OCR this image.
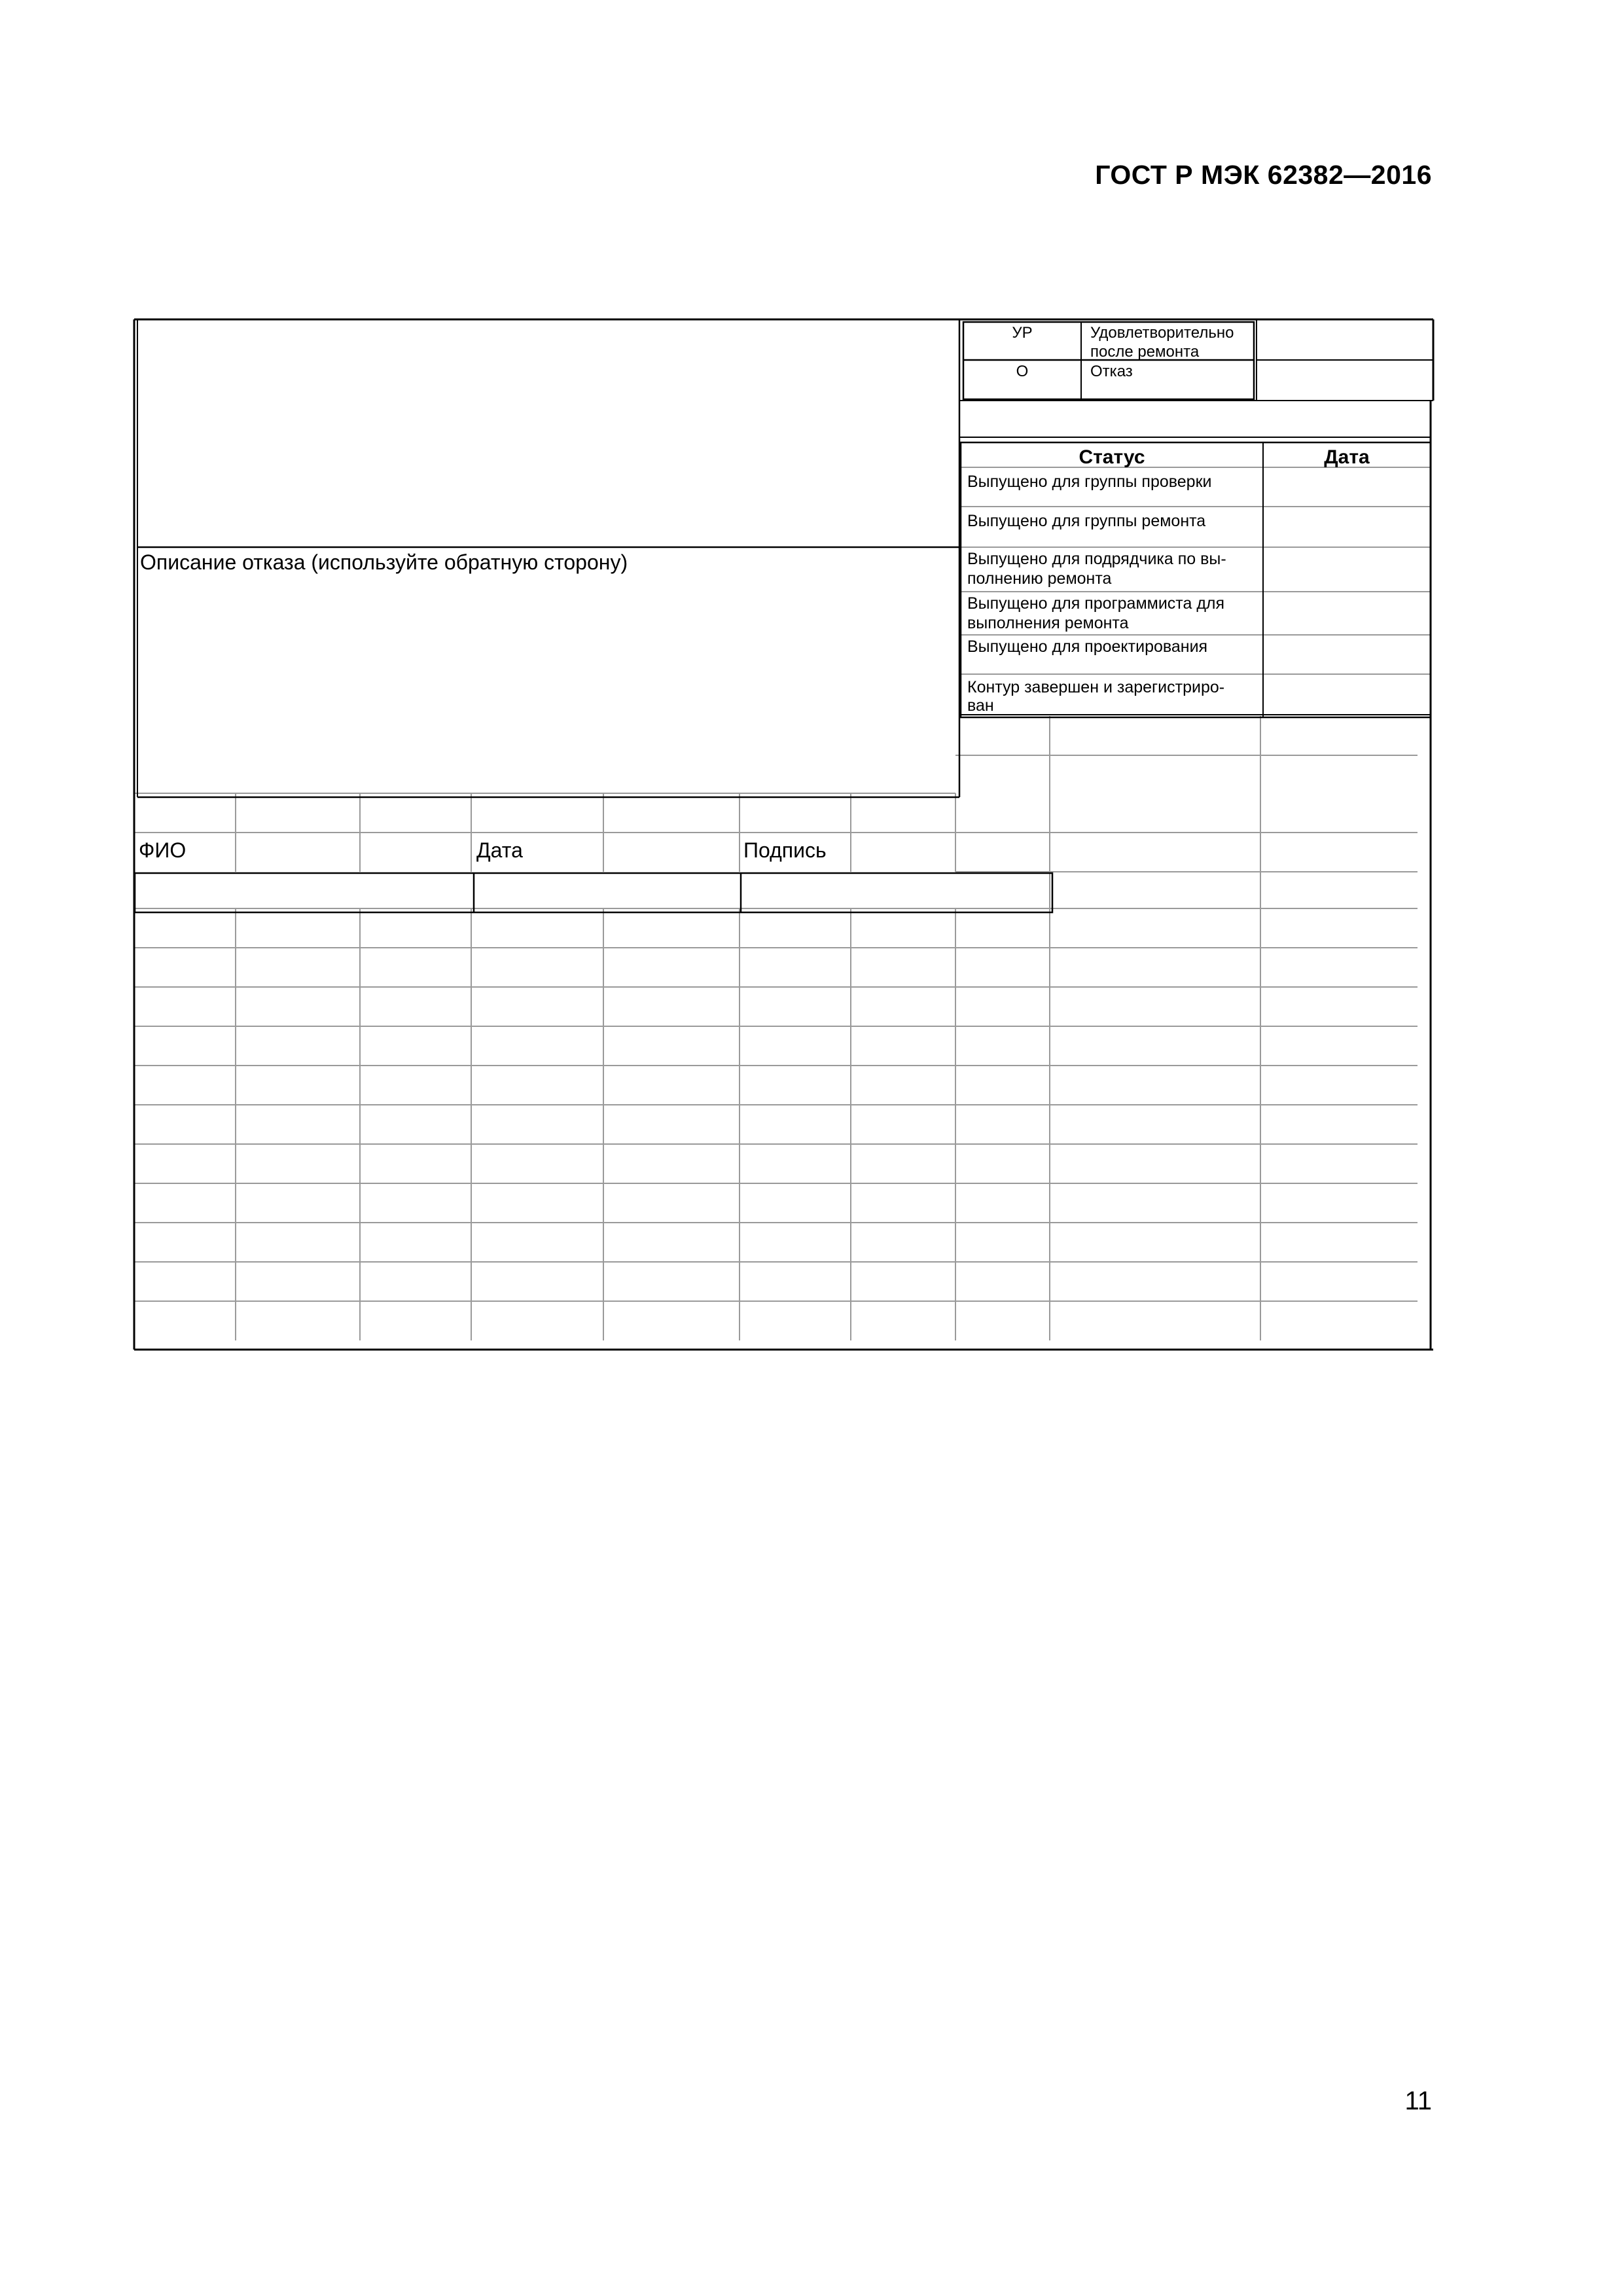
ГОСТ Р МЭК 62382—2016
УР	Удовлетворительно
после ремонта
О	Отказ
Описание отказа (используйте обратную сторону)
Статус	Дата
Выпущено для группы проверки
Выпущено для группы ремонта
Выпущено для подрядчика по вы-
полнению ремонта
Выпущено для программиста для
выполнения ремонта
Выпущено для проектирования
Контур завершен и зарегистриро-
ван
ФИО	Дата	Подпись
11
